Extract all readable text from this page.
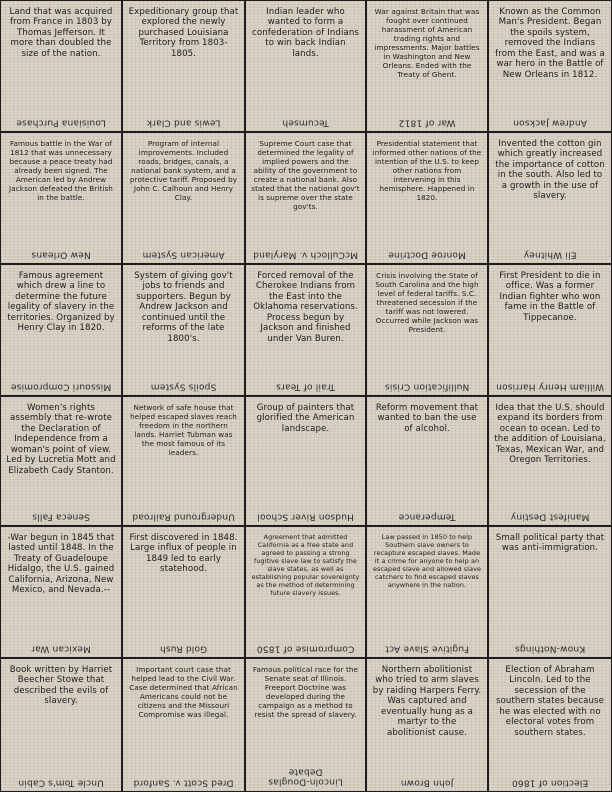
Land that was acquired from France in 1803 by Thomas Jefferson. It more than doubled the size of the nation.
Louisiana Purchase
Expeditionary group that explored the newly purchased Louisiana Territory from 1803-1805.
Lewis and Clark
Indian leader who wanted to form a confederation of Indians to win back Indian lands.
Tecumseh
War against Britain that was fought over continued harassment of American trading rights and impressments. Major battles in Washington and New Orleans. Ended with the Treaty of Ghent.
War of 1812
Known as the Common Man's President. Began the spoils system, removed the Indians from the East, and was a war hero in the Battle of New Orleans in 1812.
Andrew Jackson
Famous battle in the War of 1812 that was unnecessary because a peace treaty had already been signed. The American led by Andrew Jackson defeated the British in the battle.
New Orleans
Program of internal improvements. Included roads, bridges, canals, a national bank system, and a protective tariff. Proposed by John C. Calhoun and Henry Clay.
American System
Supreme Court case that determined the legality of implied powers and the ability of the government to create a national bank. Also stated that the national gov't is supreme over the state gov'ts.
McCulloch v. Maryland
Presidential statement that informed other nations of the intention of the U.S. to keep other nations from intervening in this hemisphere. Happened in 1820.
Monroe Doctrine
Invented the cotton gin which greatly increased the importance of cotton in the south. Also led to a growth in the use of slavery.
Eli Whitney
Famous agreement which drew a line to determine the future legality of slavery in the territories. Organized by Henry Clay in 1820.
Missouri Compromise
System of giving gov't jobs to friends and supporters. Begun by Andrew Jackson and continued until the reforms of the late 1800's.
Spoils System
Forced removal of the Cherokee Indians from the East into the Oklahoma reservations. Process begun by Jackson and finished under Van Buren.
Trail of Tears
Crisis involving the State of South Carolina and the high level of federal tariffs. S.C. threatened secession if the tariff was not lowered. Occurred while Jackson was President.
Nullification Crisis
First President to die in office. Was a former Indian fighter who won fame in the Battle of Tippecanoe.
William Henry Harrison
Women's rights assembly that re-wrote the Declaration of Independence from a woman's point of view. Led by Lucretia Mott and Elizabeth Cady Stanton.
Seneca Falls
Network of safe house that helped escaped slaves reach freedom in the northern lands. Harriet Tubman was the most famous of its leaders.
Underground Railroad
Group of painters that glorified the American landscape.
Hudson River School
Reform movement that wanted to ban the use of alcohol.
Temperance
Idea that the U.S. should expand its borders from ocean to ocean. Led to the addition of Louisiana, Texas, Mexican War, and Oregon Territories.
Manifest Destiny
-War begun in 1845 that lasted until 1848. In the Treaty of Guadeloupe Hidalgo, the U.S. gained California, Arizona, New Mexico, and Nevada.--
Mexican War
First discovered in 1848. Large influx of people in 1849 led to early statehood.
Gold Rush
Agreement that admitted California as a free state and agreed to passing a strong fugitive slave law to satisfy the slave states, as well as establishing popular sovereignty as the method of determining future slavery issues.
Compromise of 1850
Law passed in 1850 to help Southern slave owners to recapture escaped slaves. Made it a crime for anyone to help an escaped slave and allowed slave catchers to find escaped slaves anywhere in the nation.
Fugitive Slave Act
Small political party that was anti-immigration.
Know-Nothings
Book written by Harriet Beecher Stowe that described the evils of slavery.
Uncle Tom's Cabin
Important court case that helped lead to the Civil War. Case determined that African Americans could not be citizens and the Missouri Compromise was illegal.
Dred Scott v. Sanford
Famous political race for the Senate seat of Illinois. Freeport Doctrine was developed during the campaign as a method to resist the spread of slavery.
Lincoln-Douglas Debate
Northern abolitionist who tried to arm slaves by raiding Harpers Ferry. Was captured and eventually hung as a martyr to the abolitionist cause.
John Brown
Election of Abraham Lincoln. Led to the secession of the southern states because he was elected with no electoral votes from southern states.
Election of 1860
